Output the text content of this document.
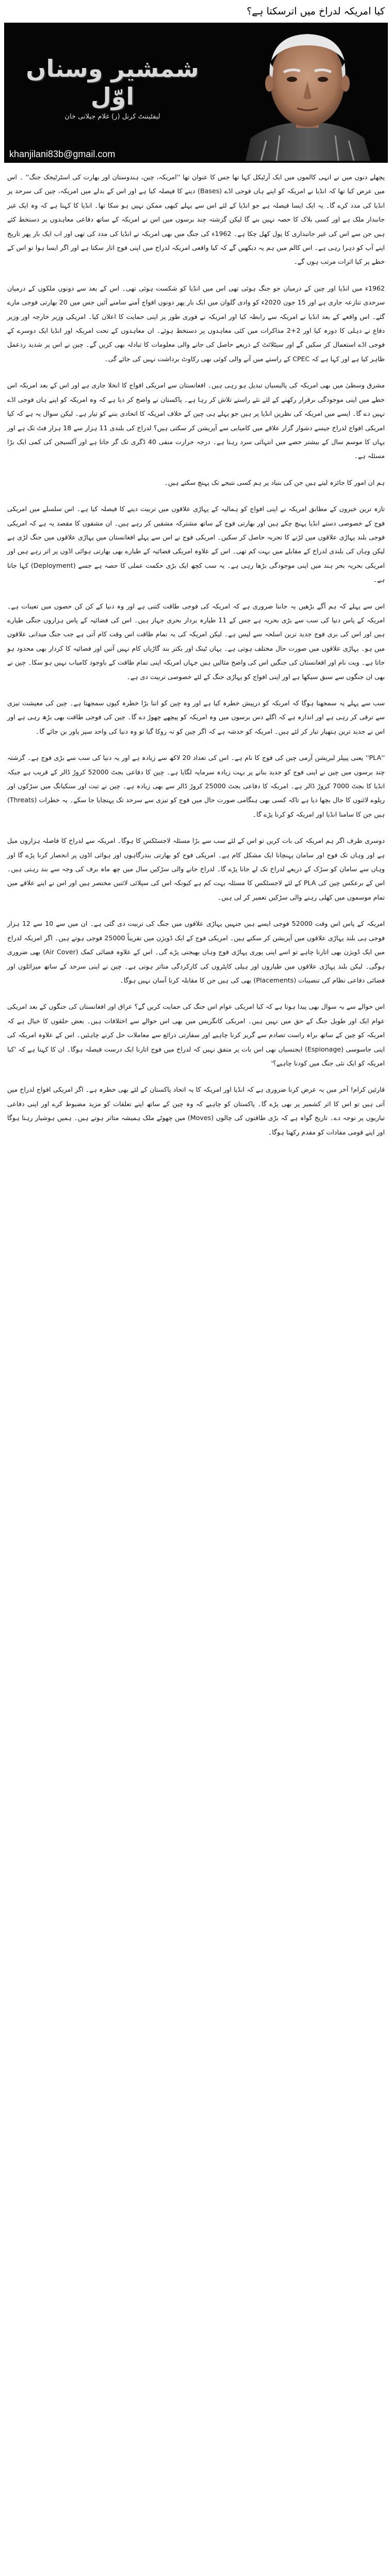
کیا امریکہ لدراخ میں اترسکتا ہے؟
شمشیر وسناں اوّل
لیفٹیننٹ کرنل (ر) غلام جیلانی خان
khanjilani83b@gmail.com

پچھلے دنوں میں نے انہی کالموں میں ایک آرٹیکل کہا تھا جس کا عنوان تھا ''امریکہ، چین، ہندوستان اور بھارت کی اسٹرٹیجک جنگ'' ۔ اس میں عرض کیا تھا کہ انڈیا نے امریکہ کو اپنے ہاں فوجی اڈے (Bases) دینے کا فیصلہ کیا ہے اور اس کے بدلے میں امریکہ، چین کی سرحد پر انڈیا کی مدد کرے گا۔ یہ ایک ایسا فیصلہ ہے جو انڈیا کے لئے اس سے پہلے کبھی ممکن نہیں ہو سکا تھا۔ انڈیا کا کہنا ہے کہ وہ ایک غیر جانبدار ملک ہے اور کسی بلاک کا حصہ نہیں بنے گا لیکن گزشتہ چند برسوں میں اس نے امریکہ کے ساتھ دفاعی معاہدوں پر دستخط کئے ہیں جن سے اس کی غیر جانبداری کا پول کھل چکا ہے۔ 1962ء کی جنگ میں بھی امریکہ نے انڈیا کی مدد کی تھی اور اب ایک بار پھر تاریخ اپنے آپ کو دہرا رہی ہے۔ اس کالم میں ہم یہ دیکھیں گے کہ کیا واقعی امریکہ لدراخ میں اپنی فوج اتار سکتا ہے اور اگر ایسا ہوا تو اس کے خطے پر کیا اثرات مرتب ہوں گے۔

1962ء میں انڈیا اور چین کے درمیان جو جنگ ہوئی تھی اس میں انڈیا کو شکست ہوئی تھی۔ اس کے بعد سے دونوں ملکوں کے درمیان سرحدی تنازعہ جاری ہے اور 15 جون 2020ء کو وادی گلوان میں ایک بار پھر دونوں افواج آمنے سامنے آئیں جس میں 20 بھارتی فوجی مارے گئے۔ اس واقعے کے بعد انڈیا نے امریکہ سے رابطہ کیا اور امریکہ نے فوری طور پر اپنی حمایت کا اعلان کیا۔ امریکی وزیر خارجہ اور وزیر دفاع نے دہلی کا دورہ کیا اور 2+2 مذاکرات میں کئی معاہدوں پر دستخط ہوئے۔ ان معاہدوں کے تحت امریکہ اور انڈیا ایک دوسرے کے فوجی اڈے استعمال کر سکیں گے اور سیٹلائٹ کے ذریعے حاصل کی جانے والی معلومات کا تبادلہ بھی کریں گے۔ چین نے اس پر شدید ردعمل ظاہر کیا ہے اور کہا ہے کہ CPEC کے راستے میں آنے والی کوئی بھی رکاوٹ برداشت نہیں کی جائے گی۔

مشرق وسطیٰ میں بھی امریکہ کی پالیسیاں تبدیل ہو رہی ہیں۔ افغانستان سے امریکی افواج کا انخلا جاری ہے اور اس کے بعد امریکہ اس خطے میں اپنی موجودگی برقرار رکھنے کے لئے نئے راستے تلاش کر رہا ہے۔ پاکستان نے واضح کر دیا ہے کہ وہ امریکہ کو اپنے ہاں فوجی اڈے نہیں دے گا۔ ایسے میں امریکہ کی نظریں انڈیا پر ہیں جو پہلے ہی چین کے خلاف امریکہ کا اتحادی بننے کو تیار ہے۔ لیکن سوال یہ ہے کہ کیا امریکی افواج لدراخ جیسے دشوار گزار علاقے میں کامیابی سے آپریشن کر سکتی ہیں؟ لدراخ کی بلندی 11 ہزار سے 18 ہزار فٹ تک ہے اور یہاں کا موسم سال کے بیشتر حصے میں انتہائی سرد رہتا ہے۔ درجہ حرارت منفی 40 ڈگری تک گر جاتا ہے اور آکسیجن کی کمی ایک بڑا مسئلہ ہے۔

ہم ان امور کا جائزہ لیتے ہیں جن کی بنیاد پر ہم کسی نتیجے تک پہنچ سکتے ہیں۔

تازہ ترین خبروں کے مطابق امریکہ نے اپنی افواج کو ہمالیہ کے پہاڑی علاقوں میں تربیت دینے کا فیصلہ کیا ہے۔ اس سلسلے میں امریکی فوج کے خصوصی دستے انڈیا پہنچ چکے ہیں اور بھارتی فوج کے ساتھ مشترکہ مشقیں کر رہے ہیں۔ ان مشقوں کا مقصد یہ ہے کہ امریکی فوجی بلند پہاڑی علاقوں میں لڑنے کا تجربہ حاصل کر سکیں۔ امریکی فوج نے اس سے پہلے افغانستان میں پہاڑی علاقوں میں جنگ لڑی ہے لیکن وہاں کی بلندی لدراخ کے مقابلے میں بہت کم تھی۔ اس کے علاوہ امریکی فضائیہ کے طیارے بھی بھارتی ہوائی اڈوں پر اتر رہے ہیں اور امریکی بحریہ بحر ہند میں اپنی موجودگی بڑھا رہی ہے۔ یہ سب کچھ ایک بڑی حکمت عملی کا حصہ ہے جسے (Deployment) کہا جاتا ہے۔

اس سے پہلے کہ ہم آگے بڑھیں یہ جاننا ضروری ہے کہ امریکہ کی فوجی طاقت کتنی ہے اور وہ دنیا کے کن کن حصوں میں تعینات ہے۔ امریکہ کے پاس دنیا کی سب سے بڑی بحریہ ہے جس کے 11 طیارہ بردار بحری جہاز ہیں۔ اس کی فضائیہ کے پاس ہزاروں جنگی طیارے ہیں اور اس کی بری فوج جدید ترین اسلحہ سے لیس ہے۔ لیکن امریکہ کی یہ تمام طاقت اس وقت کام آتی ہے جب جنگ میدانی علاقوں میں ہو۔ پہاڑی علاقوں میں صورت حال مختلف ہوتی ہے۔ یہاں ٹینک اور بکتر بند گاڑیاں کام نہیں آتیں اور فضائیہ کا کردار بھی محدود ہو جاتا ہے۔ ویت نام اور افغانستان کی جنگیں اس کی واضح مثالیں ہیں جہاں امریکہ اپنی تمام طاقت کے باوجود کامیاب نہیں ہو سکا۔ چین نے بھی ان جنگوں سے سبق سیکھا ہے اور اپنی افواج کو پہاڑی جنگ کے لئے خصوصی تربیت دی ہے۔

سب سے پہلے یہ سمجھنا ہوگا کہ امریکہ کو درپیش خطرہ کیا ہے اور وہ چین کو اتنا بڑا خطرہ کیوں سمجھتا ہے۔ چین کی معیشت تیزی سے ترقی کر رہی ہے اور اندازہ ہے کہ اگلے دس برسوں میں وہ امریکہ کو پیچھے چھوڑ دے گا۔ چین کی فوجی طاقت بھی بڑھ رہی ہے اور اس نے جدید ترین ہتھیار تیار کر لئے ہیں۔ امریکہ کو خدشہ ہے کہ اگر چین کو نہ روکا گیا تو وہ دنیا کی واحد سپر پاور بن جائے گا۔

''PLA'' یعنی پیپلز لبریشن آرمی چین کی فوج کا نام ہے۔ اس کی تعداد 20 لاکھ سے زیادہ ہے اور یہ دنیا کی سب سے بڑی فوج ہے۔ گزشتہ چند برسوں میں چین نے اپنی فوج کو جدید بنانے پر بہت زیادہ سرمایہ لگایا ہے۔ چین کا دفاعی بجٹ 52000 کروڑ ڈالر کے قریب ہے جبکہ انڈیا کا بجٹ 7000 کروڑ ڈالر ہے۔ امریکہ کا دفاعی بجٹ 25000 کروڑ ڈالر سے بھی زیادہ ہے۔ چین نے تبت اور سنکیانگ میں سڑکوں اور ریلوے لائنوں کا جال بچھا دیا ہے تاکہ کسی بھی ہنگامی صورت حال میں فوج کو تیزی سے سرحد تک پہنچایا جا سکے۔ یہ خطرات (Threats) ہیں جن کا سامنا انڈیا اور امریکہ کو کرنا پڑے گا۔

دوسری طرف اگر ہم امریکہ کی بات کریں تو اس کے لئے سب سے بڑا مسئلہ لاجسٹکس کا ہوگا۔ امریکہ سے لدراخ کا فاصلہ ہزاروں میل ہے اور وہاں تک فوج اور سامان پہنچانا ایک مشکل کام ہے۔ امریکی فوج کو بھارتی بندرگاہوں اور ہوائی اڈوں پر انحصار کرنا پڑے گا اور وہاں سے سامان کو سڑک کے ذریعے لدراخ تک لے جانا پڑے گا۔ لدراخ جانے والی سڑکیں سال میں چھ ماہ برف کی وجہ سے بند رہتی ہیں۔ اس کے برعکس چین کی PLA کے لئے لاجسٹکس کا مسئلہ بہت کم ہے کیونکہ اس کی سپلائی لائنیں مختصر ہیں اور اس نے اپنے علاقے میں تمام موسموں میں کھلی رہنے والی سڑکیں تعمیر کر لی ہیں۔

امریکہ کے پاس اس وقت 52000 فوجی ایسے ہیں جنہیں پہاڑی علاقوں میں جنگ کی تربیت دی گئی ہے۔ ان میں سے 10 سے 12 ہزار فوجی ہی بلند پہاڑی علاقوں میں آپریشن کر سکتے ہیں۔ امریکی فوج کے ایک ڈویژن میں تقریباً 25000 فوجی ہوتے ہیں۔ اگر امریکہ لدراخ میں ایک ڈویژن بھی اتارنا چاہے تو اسے اپنی پوری پہاڑی فوج وہاں بھیجنی پڑے گی۔ اس کے علاوہ فضائی کمک (Air Cover) بھی ضروری ہوگی۔ لیکن بلند پہاڑی علاقوں میں طیاروں اور ہیلی کاپٹروں کی کارکردگی متاثر ہوتی ہے۔ چین نے اپنی سرحد کے ساتھ میزائلوں اور فضائی دفاعی نظام کی تنصیبات (Placements) بھی کی ہیں جن کا مقابلہ کرنا آسان نہیں ہوگا۔

اس حوالے سے یہ سوال بھی پیدا ہوتا ہے کہ کیا امریکی عوام اس جنگ کی حمایت کریں گے؟ عراق اور افغانستان کی جنگوں کے بعد امریکی عوام ایک اور طویل جنگ کے حق میں نہیں ہیں۔ امریکی کانگریس میں بھی اس حوالے سے اختلافات ہیں۔ بعض حلقوں کا خیال ہے کہ امریکہ کو چین کے ساتھ براہ راست تصادم سے گریز کرنا چاہیے اور سفارتی ذرائع سے معاملات حل کرنے چاہئیں۔ اس کے علاوہ امریکہ کی اپنی جاسوسی (Espionage) ایجنسیاں بھی اس بات پر متفق نہیں کہ لدراخ میں فوج اتارنا ایک درست فیصلہ ہوگا۔ ان کا کہنا ہے کہ 'کیا امریکہ کو ایک نئی جنگ میں کودنا چاہیے؟'

قارئین کرام! آخر میں یہ عرض کرنا ضروری ہے کہ انڈیا اور امریکہ کا یہ اتحاد پاکستان کے لئے بھی خطرہ ہے۔ اگر امریکی افواج لدراخ میں آتی ہیں تو اس کا اثر کشمیر پر بھی پڑے گا۔ پاکستان کو چاہیے کہ وہ چین کے ساتھ اپنے تعلقات کو مزید مضبوط کرے اور اپنی دفاعی تیاریوں پر توجہ دے۔ تاریخ گواہ ہے کہ بڑی طاقتوں کی چالوں (Moves) میں چھوٹے ملک ہمیشہ متاثر ہوتے ہیں۔ ہمیں ہوشیار رہنا ہوگا اور اپنے قومی مفادات کو مقدم رکھنا ہوگا۔
